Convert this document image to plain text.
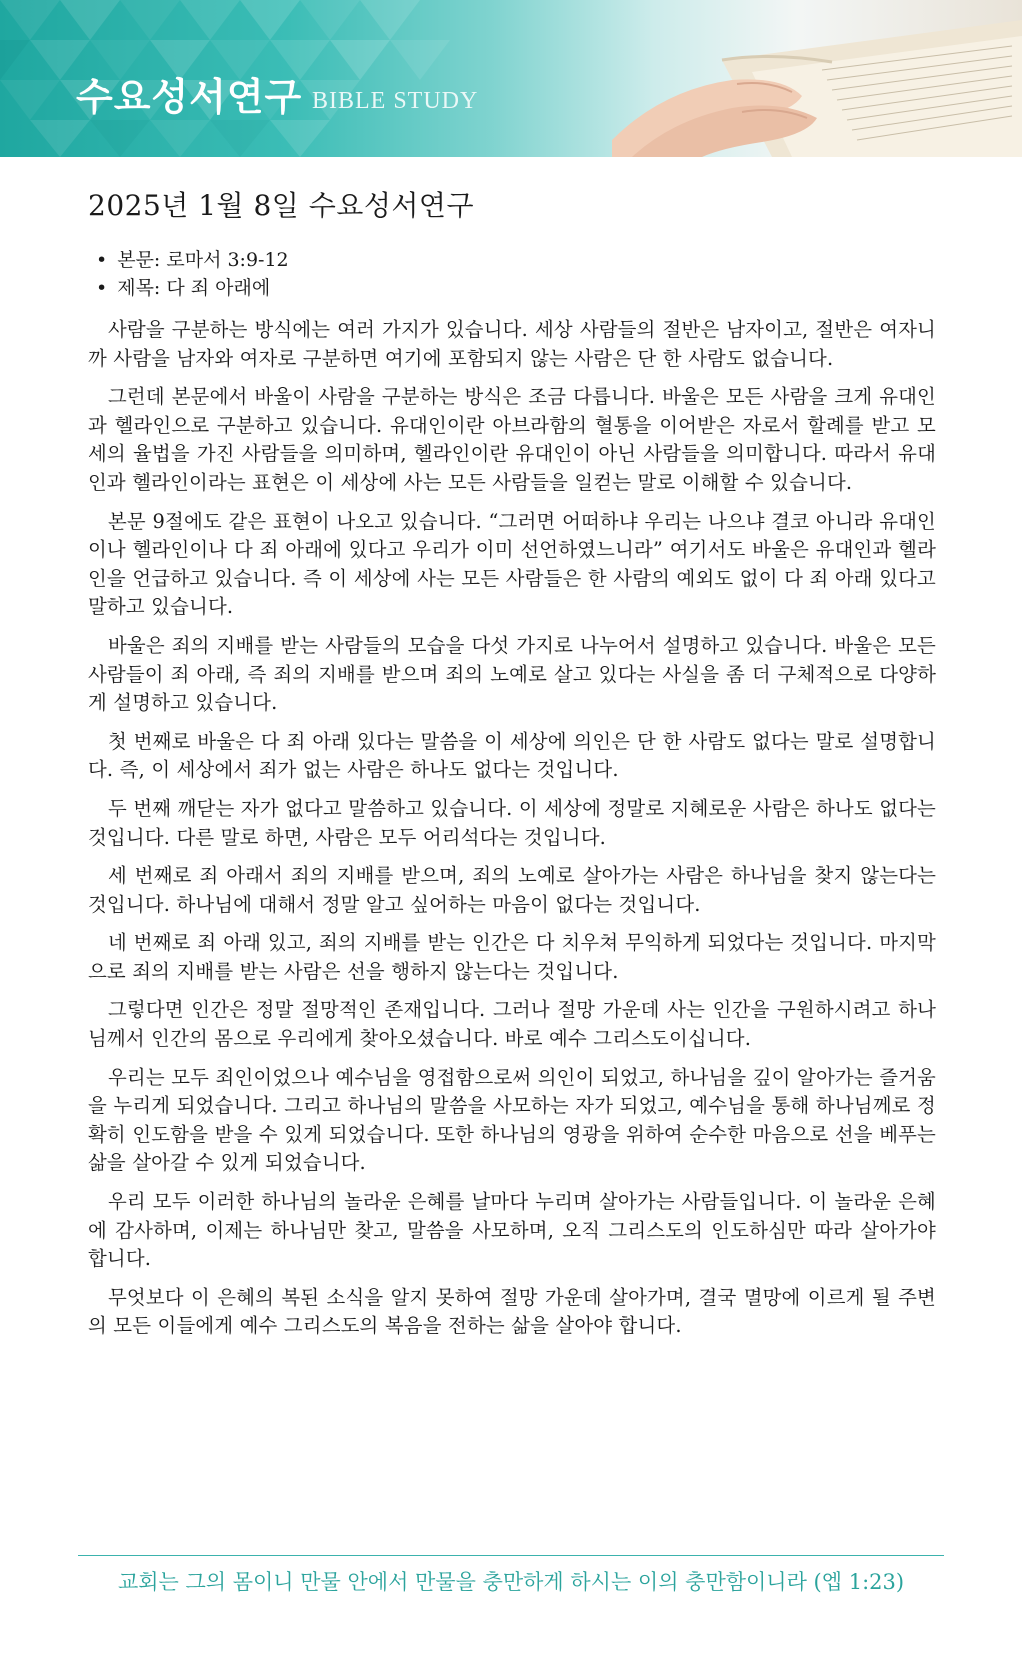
수요성서연구 BIBLE STUDY
2025년 1월 8일 수요성서연구
• 본문: 로마서 3:9-12
• 제목: 다 죄 아래에

사람을 구분하는 방식에는 여러 가지가 있습니다. 세상 사람들의 절반은 남자이고, 절반은 여자니까 사람을 남자와 여자로 구분하면 여기에 포함되지 않는 사람은 단 한 사람도 없습니다.

그런데 본문에서 바울이 사람을 구분하는 방식은 조금 다릅니다. 바울은 모든 사람을 크게 유대인과 헬라인으로 구분하고 있습니다. 유대인이란 아브라함의 혈통을 이어받은 자로서 할례를 받고 모세의 율법을 가진 사람들을 의미하며, 헬라인이란 유대인이 아닌 사람들을 의미합니다. 따라서 유대인과 헬라인이라는 표현은 이 세상에 사는 모든 사람들을 일컫는 말로 이해할 수 있습니다.

본문 9절에도 같은 표현이 나오고 있습니다. “그러면 어떠하냐 우리는 나으냐 결코 아니라 유대인이나 헬라인이나 다 죄 아래에 있다고 우리가 이미 선언하였느니라” 여기서도 바울은 유대인과 헬라인을 언급하고 있습니다. 즉 이 세상에 사는 모든 사람들은 한 사람의 예외도 없이 다 죄 아래 있다고 말하고 있습니다.

바울은 죄의 지배를 받는 사람들의 모습을 다섯 가지로 나누어서 설명하고 있습니다. 바울은 모든 사람들이 죄 아래, 즉 죄의 지배를 받으며 죄의 노예로 살고 있다는 사실을 좀 더 구체적으로 다양하게 설명하고 있습니다.

첫 번째로 바울은 다 죄 아래 있다는 말씀을 이 세상에 의인은 단 한 사람도 없다는 말로 설명합니다. 즉, 이 세상에서 죄가 없는 사람은 하나도 없다는 것입니다.

두 번째 깨닫는 자가 없다고 말씀하고 있습니다. 이 세상에 정말로 지혜로운 사람은 하나도 없다는 것입니다. 다른 말로 하면, 사람은 모두 어리석다는 것입니다.

세 번째로 죄 아래서 죄의 지배를 받으며, 죄의 노예로 살아가는 사람은 하나님을 찾지 않는다는 것입니다. 하나님에 대해서 정말 알고 싶어하는 마음이 없다는 것입니다.

네 번째로 죄 아래 있고, 죄의 지배를 받는 인간은 다 치우쳐 무익하게 되었다는 것입니다. 마지막으로 죄의 지배를 받는 사람은 선을 행하지 않는다는 것입니다.

그렇다면 인간은 정말 절망적인 존재입니다. 그러나 절망 가운데 사는 인간을 구원하시려고 하나님께서 인간의 몸으로 우리에게 찾아오셨습니다. 바로 예수 그리스도이십니다.

우리는 모두 죄인이었으나 예수님을 영접함으로써 의인이 되었고, 하나님을 깊이 알아가는 즐거움을 누리게 되었습니다. 그리고 하나님의 말씀을 사모하는 자가 되었고, 예수님을 통해 하나님께로 정확히 인도함을 받을 수 있게 되었습니다. 또한 하나님의 영광을 위하여 순수한 마음으로 선을 베푸는 삶을 살아갈 수 있게 되었습니다.

우리 모두 이러한 하나님의 놀라운 은혜를 날마다 누리며 살아가는 사람들입니다. 이 놀라운 은혜에 감사하며, 이제는 하나님만 찾고, 말씀을 사모하며, 오직 그리스도의 인도하심만 따라 살아가야 합니다.

무엇보다 이 은혜의 복된 소식을 알지 못하여 절망 가운데 살아가며, 결국 멸망에 이르게 될 주변의 모든 이들에게 예수 그리스도의 복음을 전하는 삶을 살아야 합니다.

교회는 그의 몸이니 만물 안에서 만물을 충만하게 하시는 이의 충만함이니라 (엡 1:23)
